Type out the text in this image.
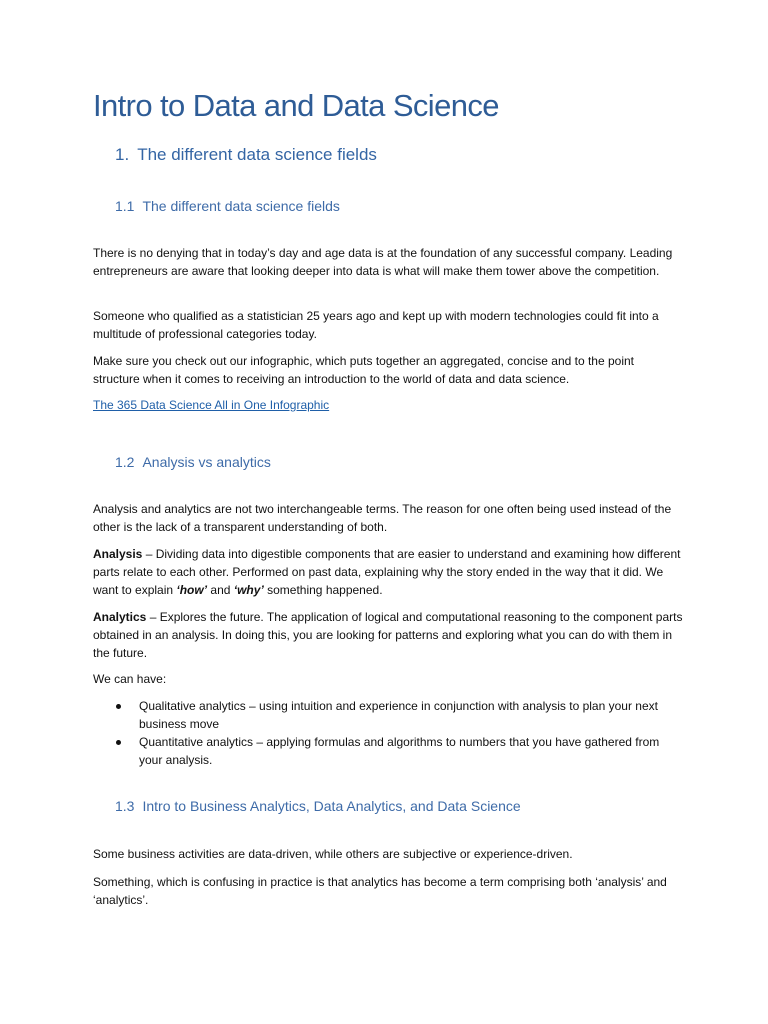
Intro to Data and Data Science
1. The different data science fields
1.1 The different data science fields

There is no denying that in today’s day and age data is at the foundation of any successful company. Leading entrepreneurs are aware that looking deeper into data is what will make them tower above the competition.

Someone who qualified as a statistician 25 years ago and kept up with modern technologies could fit into a multitude of professional categories today.

Make sure you check out our infographic, which puts together an aggregated, concise and to the point structure when it comes to receiving an introduction to the world of data and data science.

The 365 Data Science All in One Infographic
1.2 Analysis vs analytics

Analysis and analytics are not two interchangeable terms. The reason for one often being used instead of the other is the lack of a transparent understanding of both.

Analysis – Dividing data into digestible components that are easier to understand and examining how different parts relate to each other. Performed on past data, explaining why the story ended in the way that it did. We want to explain ‘how’ and ‘why’ something happened.

Analytics – Explores the future. The application of logical and computational reasoning to the component parts obtained in an analysis. In doing this, you are looking for patterns and exploring what you can do with them in the future.

We can have:

Qualitative analytics – using intuition and experience in conjunction with analysis to plan your next business move
Quantitative analytics – applying formulas and algorithms to numbers that you have gathered from your analysis.
1.3 Intro to Business Analytics, Data Analytics, and Data Science

Some business activities are data-driven, while others are subjective or experience-driven.

Something, which is confusing in practice is that analytics has become a term comprising both ‘analysis’ and ‘analytics’.
